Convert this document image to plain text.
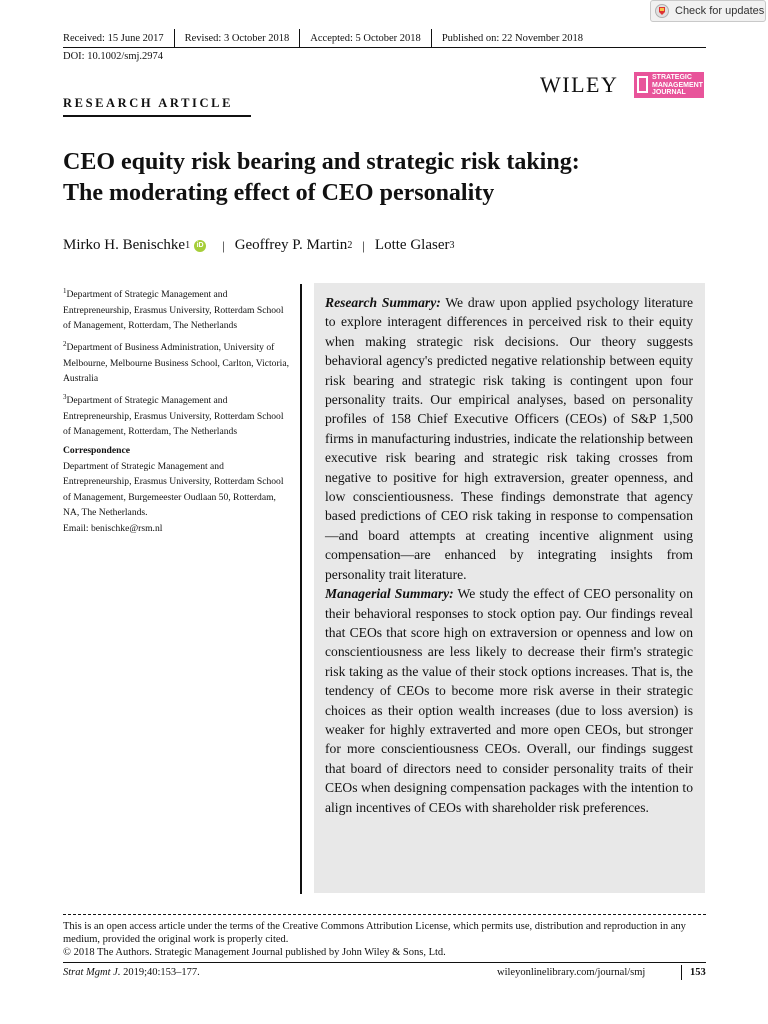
Check for updates
Received: 15 June 2017	Revised: 3 October 2018	Accepted: 5 October 2018	Published on: 22 November 2018
DOI: 10.1002/smj.2974
WILEY	STRATEGIC
MANAGEMENT
JOURNAL
RESEARCH ARTICLE
CEO equity risk bearing and strategic risk taking:
The moderating effect of CEO personality
Mirko H. Benischke 1 iD | Geoffrey P. Martin 2 | Lotte Glaser 3

$^1$Department of Strategic Management and Entrepreneurship, Erasmus University, Rotterdam School of Management, Rotterdam, The Netherlands

$^2$Department of Business Administration, University of Melbourne, Melbourne Business School, Carlton, Victoria, Australia

$^3$Department of Strategic Management and Entrepreneurship, Erasmus University, Rotterdam School of Management, Rotterdam, The Netherlands

Correspondence
Department of Strategic Management and Entrepreneurship, Erasmus University, Rotterdam School of Management, Burgemeester Oudlaan 50, Rotterdam, NA, The Netherlands.
Email: benischke@rsm.nl

Research Summary: We draw upon applied psychology literature to explore interagent differences in perceived risk to their equity when making strategic risk decisions. Our theory suggests behavioral agency's predicted negative relationship between equity risk bearing and strategic risk taking is contingent upon four personality traits. Our empirical analyses, based on personality profiles of 158 Chief Executive Officers (CEOs) of S&P 1,500 firms in manufacturing industries, indicate the relationship between executive risk bearing and strategic risk taking crosses from negative to positive for high extraversion, greater openness, and low conscientiousness. These findings demonstrate that agency based predictions of CEO risk taking in response to compensation—and board attempts at creating incentive alignment using compensation—are enhanced by integrating insights from personality trait literature.

Managerial Summary: We study the effect of CEO personality on their behavioral responses to stock option pay. Our findings reveal that CEOs that score high on extraversion or openness and low on conscientiousness are less likely to decrease their firm's strategic risk taking as the value of their stock options increases. That is, the tendency of CEOs to become more risk averse in their strategic choices as their option wealth increases (due to loss aversion) is weaker for highly extraverted and more open CEOs, but stronger for more conscientiousness CEOs. Overall, our findings suggest that board of directors need to consider personality traits of their CEOs when designing compensation packages with the intention to align incentives of CEOs with shareholder risk preferences.

This is an open access article under the terms of the Creative Commons Attribution License, which permits use, distribution and reproduction in any medium, provided the original work is properly cited.
© 2018 The Authors. Strategic Management Journal published by John Wiley & Sons, Ltd.
Strat Mgmt J. 2019;40:153–177.	wileyonlinelibrary.com/journal/smj	153
